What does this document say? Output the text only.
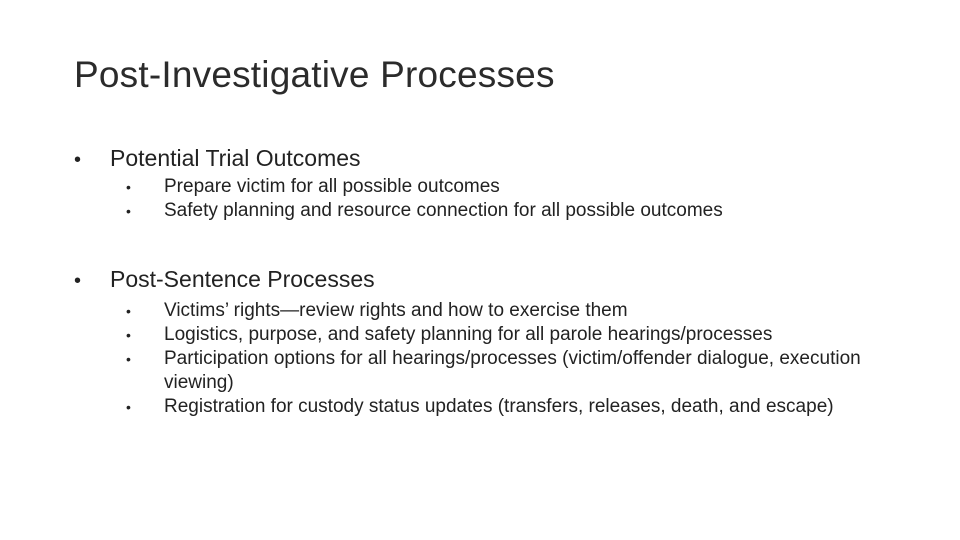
Post-Investigative Processes
•	Potential Trial Outcomes
•	Prepare victim for all possible outcomes
•	Safety planning and resource connection for all possible outcomes
•	Post-Sentence Processes
•	Victims’ rights—review rights and how to exercise them
•	Logistics, purpose, and safety planning for all parole hearings/processes
•	Participation options for all hearings/processes (victim/offender dialogue, execution viewing)
•	Registration for custody status updates (transfers, releases, death, and escape)
